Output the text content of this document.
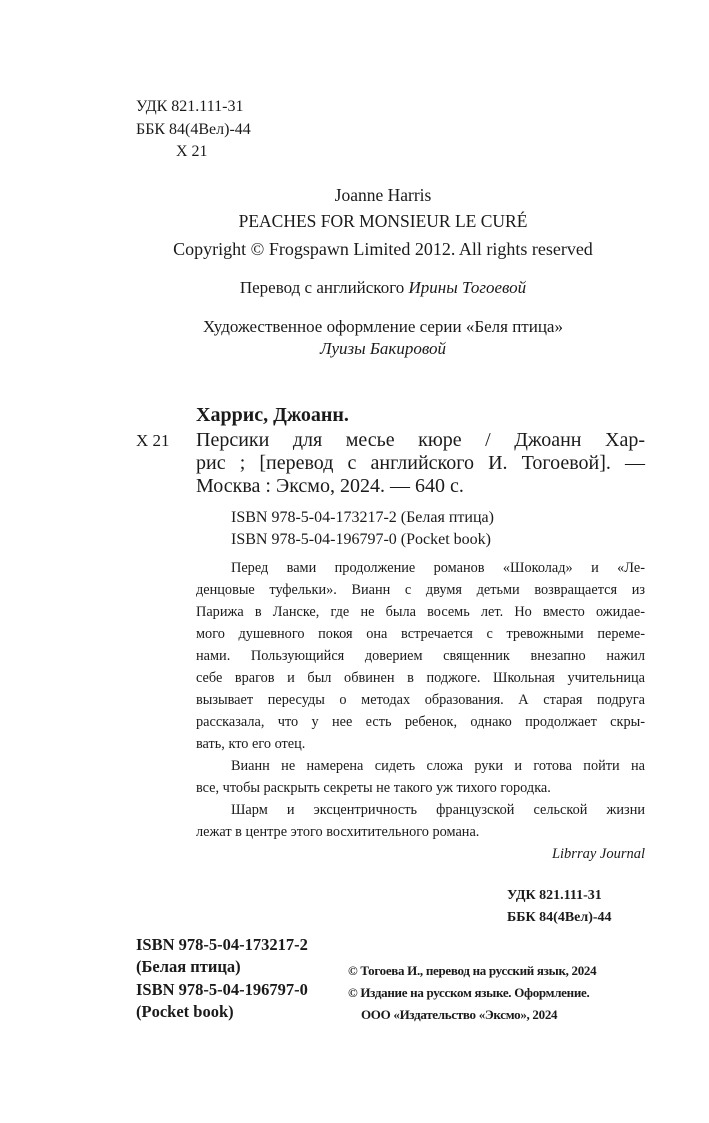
УДК 821.111-31
ББК 84(4Вел)-44
Х 21
Joanne Harris
PEACHES FOR MONSIEUR LE CURÉ
Copyright © Frogspawn Limited 2012. All rights reserved
Перевод с английского Ирины Тогоевой
Художественное оформление серии «Беля птица»
Луизы Бакировой
Харрис, Джоанн.
Х 21 Персики для месье кюре / Джоанн Хар-
рис ; [перевод с английского И. Тогоевой]. —
Москва : Эксмо, 2024. — 640 с.
ISBN 978-5-04-173217-2 (Белая птица)
ISBN 978-5-04-196797-0 (Pocket book)
Перед вами продолжение романов «Шоколад» и «Ле-
денцовые туфельки». Вианн с двумя детьми возвращается из
Парижа в Ланске, где не была восемь лет. Но вместо ожидае-
мого душевного покоя она встречается с тревожными переме-
нами. Пользующийся доверием священник внезапно нажил
себе врагов и был обвинен в поджоге. Школьная учительница
вызывает пересуды о методах образования. А старая подруга
рассказала, что у нее есть ребенок, однако продолжает скры-
вать, кто его отец.
Вианн не намерена сидеть сложа руки и готова пойти на
все, чтобы раскрыть секреты не такого уж тихого городка.
Шарм и эксцентричность французской сельской жизни
лежат в центре этого восхитительного романа.
Librray Journal
УДК 821.111-31
ББК 84(4Вел)-44
ISBN 978-5-04-173217-2
(Белая птица)
ISBN 978-5-04-196797-0
(Pocket book)
© Тогоева И., перевод на русский язык, 2024
© Издание на русском языке. Оформление.
ООО «Издательство «Эксмо», 2024
